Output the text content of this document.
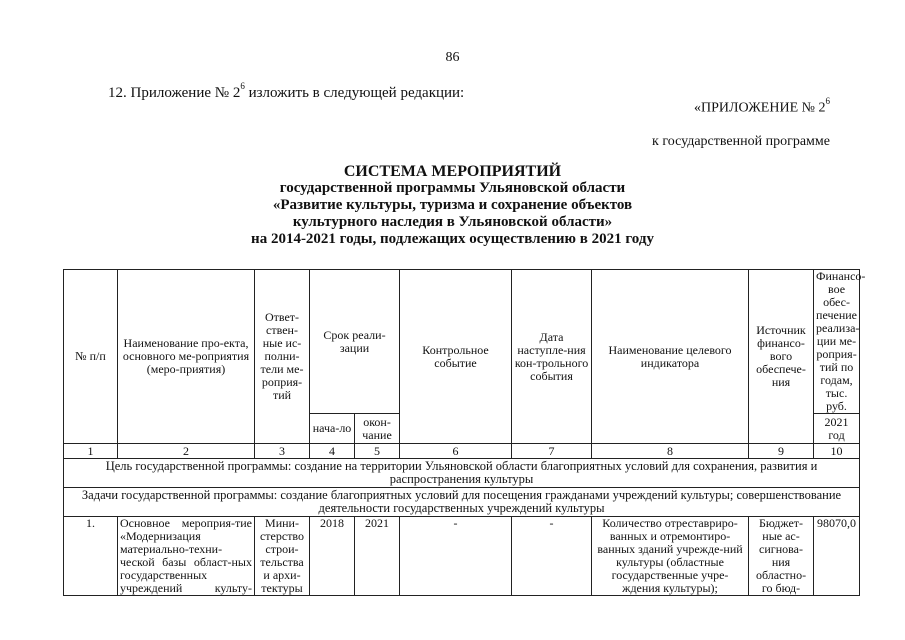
86
12. Приложение № $2^6$ изложить в следующей редакции:
«ПРИЛОЖЕНИЕ № $2^6$
к государственной программе
СИСТЕМА МЕРОПРИЯТИЙ
государственной программы Ульяновской области
«Развитие культуры, туризма и сохранение объектов
культурного наследия в Ульяновской области»
на 2014-2021 годы, подлежащих осуществлению в 2021 году
№ п/п	Наименование про-екта, основного ме-роприятия (меро-приятия)	Ответ-ствен-ные ис-полни-тели ме-роприя-тий	Срок реали-зации		Контрольное событие	Дата наступле-ния кон-трольного события	Наименование целевого индикатора	Источник финансо-вого обеспече-ния	Финансо-вое обес-печение реализа-ции ме-роприя-тий по годам, тыс. руб.
			нача-ло	окон-чание					2021 год
1	2	3	4	5	6	7	8	9	10
Цель государственной программы: создание на территории Ульяновской области благоприятных условий для сохранения, развития и распространения культуры									
Задачи государственной программы: создание благоприятных условий для посещения гражданами учреждений культуры; совершенствование деятельности государственных учреждений культуры									
1.	Основное мероприя-тие «Модернизация материально-техни-ческой базы област-ных государственных учреждений культу-	Мини-стерство строи-тельства и архи-тектуры	2018	2021	-	-	Количество отреставриро-ванных и отремонтиро-ванных зданий учрежде-ний культуры (областные государственные учре-ждения культуры);	Бюджет-ные ас-сигнова-ния областно-го бюд-	98070,0
